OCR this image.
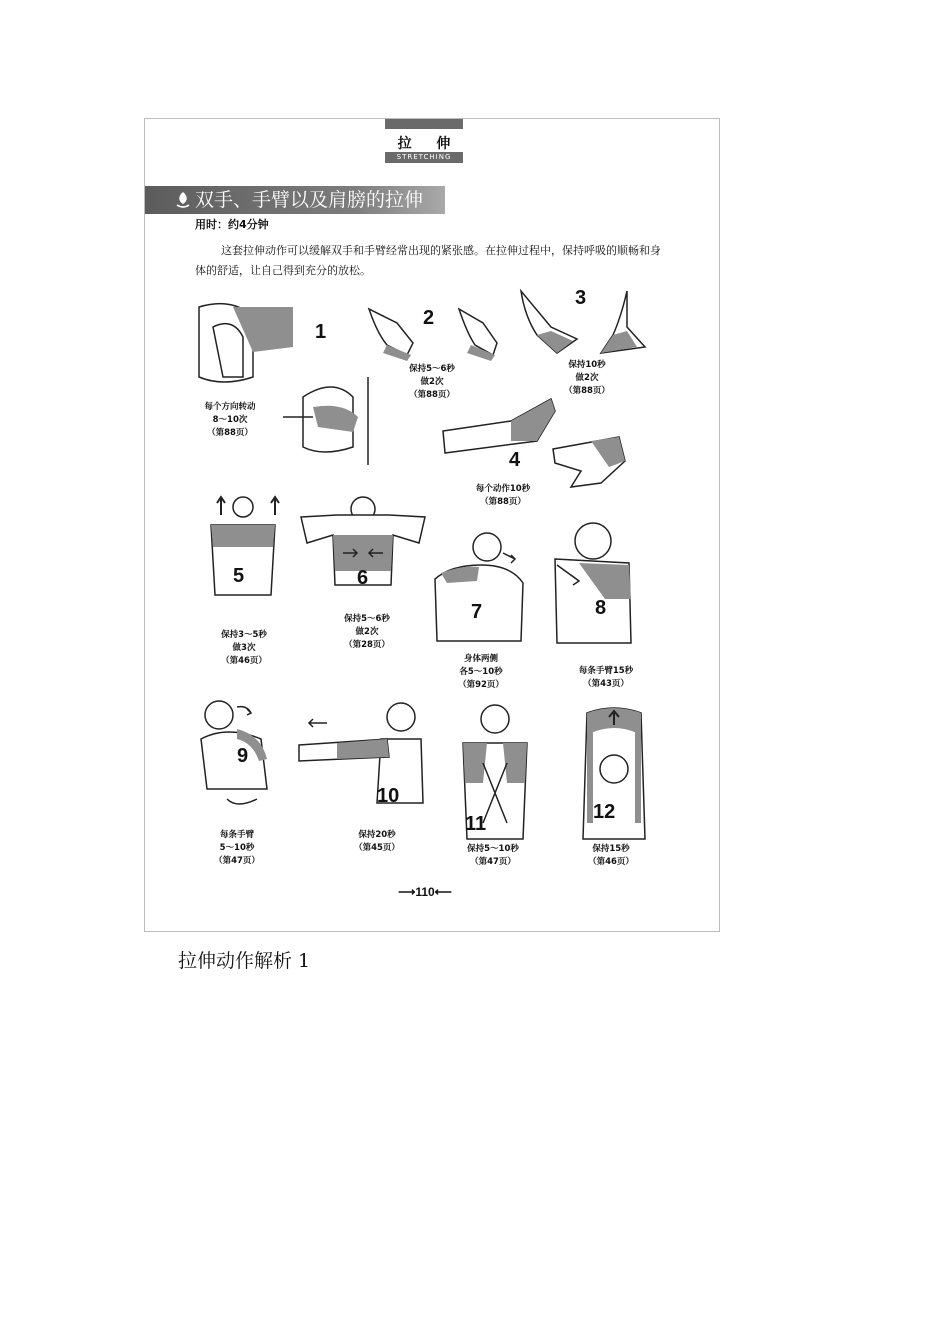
拉 伸
STRETCHING
双手、手臂以及肩膀的拉伸
用时：约4分钟
这套拉伸动作可以缓解双手和手臂经常出现的紧张感。在拉伸过程中，保持呼吸的顺畅和身体的舒适，让自己得到充分的放松。
1
每个方向转动
8～10次
（第88页）
2
保持5～6秒
做2次
（第88页）
3
保持10秒
做2次
（第88页）
4
每个动作10秒
（第88页）
5
保持3～5秒
做3次
（第46页）
6
保持5～6秒
做2次
（第28页）
7
身体两侧
各5～10秒
（第92页）
8
每条手臂15秒
（第43页）
9
每条手臂
5～10秒
（第47页）
10
保持20秒
（第45页）
11
保持5～10秒
（第47页）
12
保持15秒
（第46页）
⟶110⟵
拉伸动作解析 1
